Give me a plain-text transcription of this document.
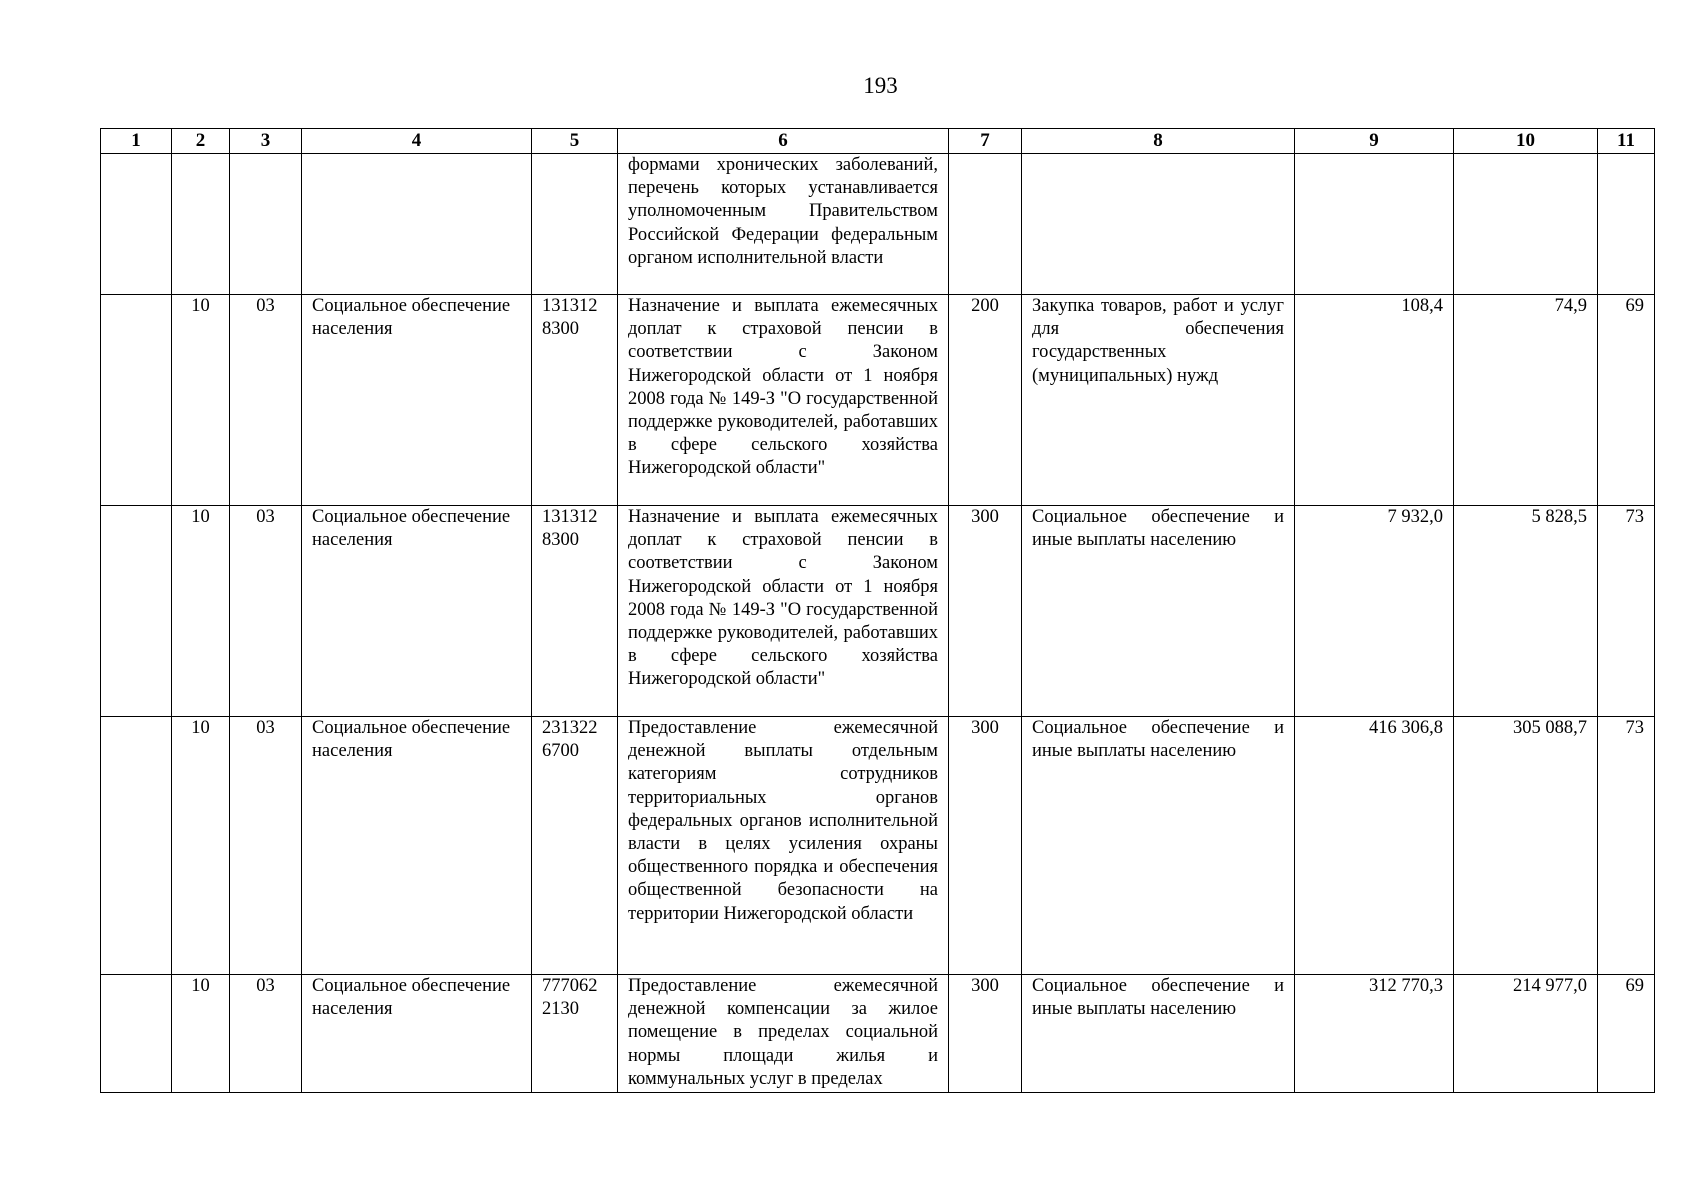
193
1	2	3	4	5	6	7	8	9	10	11
					формами хронических заболеваний, перечень которых устанавливается уполномоченным Правительством Российской Федерации федеральным органом исполнительной власти					
	10	03	Социальное обеспечение населения	131312 8300	Назначение и выплата ежемесячных доплат к страховой пенсии в соответствии с Законом Нижегородской области от 1 ноября 2008 года № 149-З "О государственной поддержке руководителей, работавших в сфере сельского хозяйства Нижегородской области"	200	Закупка товаров, работ и услуг для обеспечения государственных (муниципальных) нужд	108,4	74,9	69
	10	03	Социальное обеспечение населения	131312 8300	Назначение и выплата ежемесячных доплат к страховой пенсии в соответствии с Законом Нижегородской области от 1 ноября 2008 года № 149-З "О государственной поддержке руководителей, работавших в сфере сельского хозяйства Нижегородской области"	300	Социальное обеспечение и иные выплаты населению	7 932,0	5 828,5	73
	10	03	Социальное обеспечение населения	231322 6700	Предоставление ежемесячной денежной выплаты отдельным категориям сотрудников территориальных органов федеральных органов исполнительной власти в целях усиления охраны общественного порядка и обеспечения общественной безопасности на территории Нижегородской области	300	Социальное обеспечение и иные выплаты населению	416 306,8	305 088,7	73
	10	03	Социальное обеспечение населения	777062 2130	Предоставление ежемесячной денежной компенсации за жилое помещение в пределах социальной нормы площади жилья и коммунальных услуг в пределах	300	Социальное обеспечение и иные выплаты населению	312 770,3	214 977,0	69
